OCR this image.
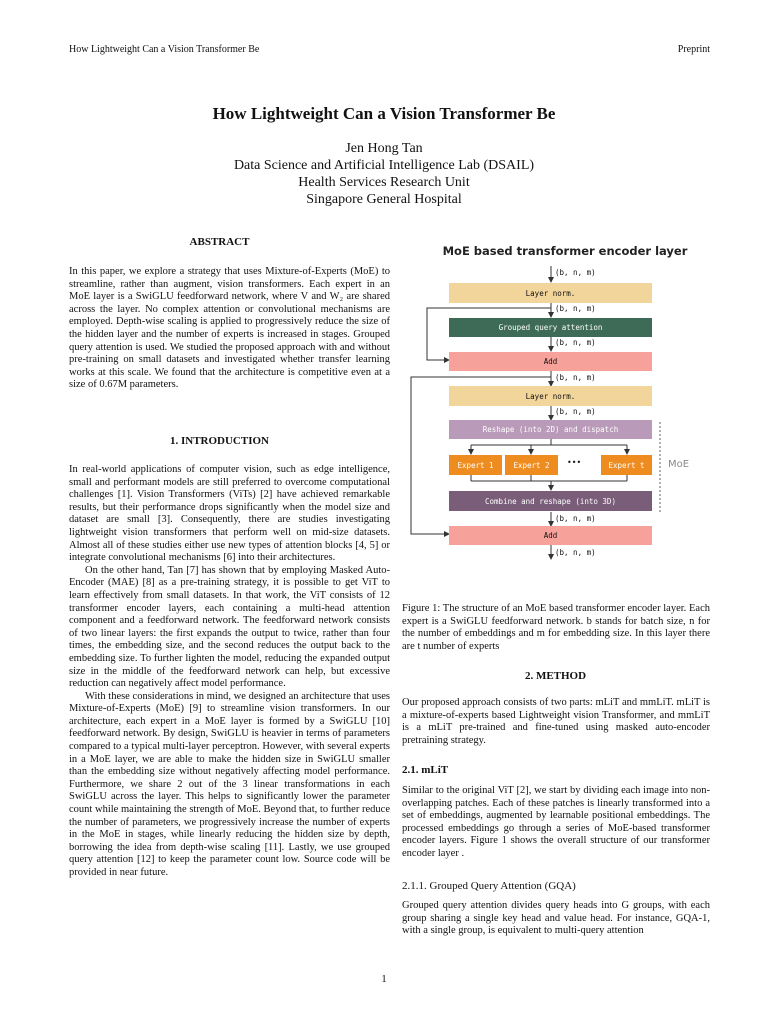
How Lightweight Can a Vision Transformer Be	Preprint
How Lightweight Can a Vision Transformer Be
Jen Hong Tan
Data Science and Artificial Intelligence Lab (DSAIL)
Health Services Research Unit
Singapore General Hospital
ABSTRACT

In this paper, we explore a strategy that uses Mixture-of-Experts (MoE) to streamline, rather than augment, vision transformers. Each expert in an MoE layer is a SwiGLU feedforward network, where V and W₂ are shared across the layer. No complex attention or convolutional mechanisms are employed. Depth-wise scaling is applied to progressively reduce the size of the hidden layer and the number of experts is increased in stages. Grouped query attention is used. We studied the proposed approach with and without pre-training on small datasets and investigated whether transfer learning works at this scale. We found that the architecture is competitive even at a size of 0.67M parameters.

1. INTRODUCTION

In real-world applications of computer vision, such as edge intelligence, small and performant models are still preferred to overcome computational challenges [1]. Vision Transformers (ViTs) [2] have achieved remarkable results, but their performance drops significantly when the model size and dataset are small [3]. Consequently, there are studies investigating lightweight vision transformers that perform well on mid-size datasets. Almost all of these studies either use new types of attention blocks [4, 5] or integrate convolutional mechanisms [6] into their architectures.

On the other hand, Tan [7] has shown that by employing Masked Auto-Encoder (MAE) [8] as a pre-training strategy, it is possible to get ViT to learn effectively from small datasets. In that work, the ViT consists of 12 transformer encoder layers, each containing a multi-head attention component and a feedforward network. The feedforward network consists of two linear layers: the first expands the output to twice, rather than four times, the embedding size, and the second reduces the output back to the embedding size. To further lighten the model, reducing the expanded output size in the middle of the feedforward network can help, but excessive reduction can negatively affect model performance.

With these considerations in mind, we designed an architecture that uses Mixture-of-Experts (MoE) [9] to streamline vision transformers. In our architecture, each expert in a MoE layer is formed by a SwiGLU [10] feedforward network. By design, SwiGLU is heavier in terms of parameters compared to a typical multi-layer perceptron. However, with several experts in a MoE layer, we are able to make the hidden size in SwiGLU smaller than the embedding size without negatively affecting model performance. Furthermore, we share 2 out of the 3 linear transformations in each SwiGLU across the layer. This helps to significantly lower the parameter count while maintaining the strength of MoE. Beyond that, to further reduce the number of parameters, we progressively increase the number of experts in the MoE in stages, while linearly reducing the hidden size by depth, borrowing the idea from depth-wise scaling [11]. Lastly, we use grouped query attention [12] to keep the parameter count low. Source code will be provided in near future.

MoE based transformer encoder layer
(b, n, m)
(b, n, m)
(b, n, m)
(b, n, m)
(b, n, m)
(b, n, m)
(b, n, m)
Layer norm.
Grouped query attention
Add
Layer norm.
Reshape (into 2D) and dispatch
Expert 1	Expert 2	•••	Expert t	MoE
Combine and reshape (into 3D)
Add
Figure 1: The structure of an MoE based transformer encoder layer. Each expert is a SwiGLU feedforward network. b stands for batch size, n for the number of embeddings and m for embedding size. In this layer there are t number of experts
2. METHOD

Our proposed approach consists of two parts: mLiT and mmLiT. mLiT is a mixture-of-experts based Lightweight vision Transformer, and mmLiT is a mLiT pre-trained and fine-tuned using masked auto-encoder pretraining strategy.

2.1. mLiT

Similar to the original ViT [2], we start by dividing each image into non-overlapping patches. Each of these patches is linearly transformed into a set of embeddings, augmented by learnable positional embeddings. The processed embeddings go through a series of MoE-based transformer encoder layers. Figure 1 shows the overall structure of our transformer encoder layer .

2.1.1. Grouped Query Attention (GQA)

Grouped query attention divides query heads into G groups, with each group sharing a single key head and value head. For instance, GQA-1, with a single group, is equivalent to multi-query attention

1
